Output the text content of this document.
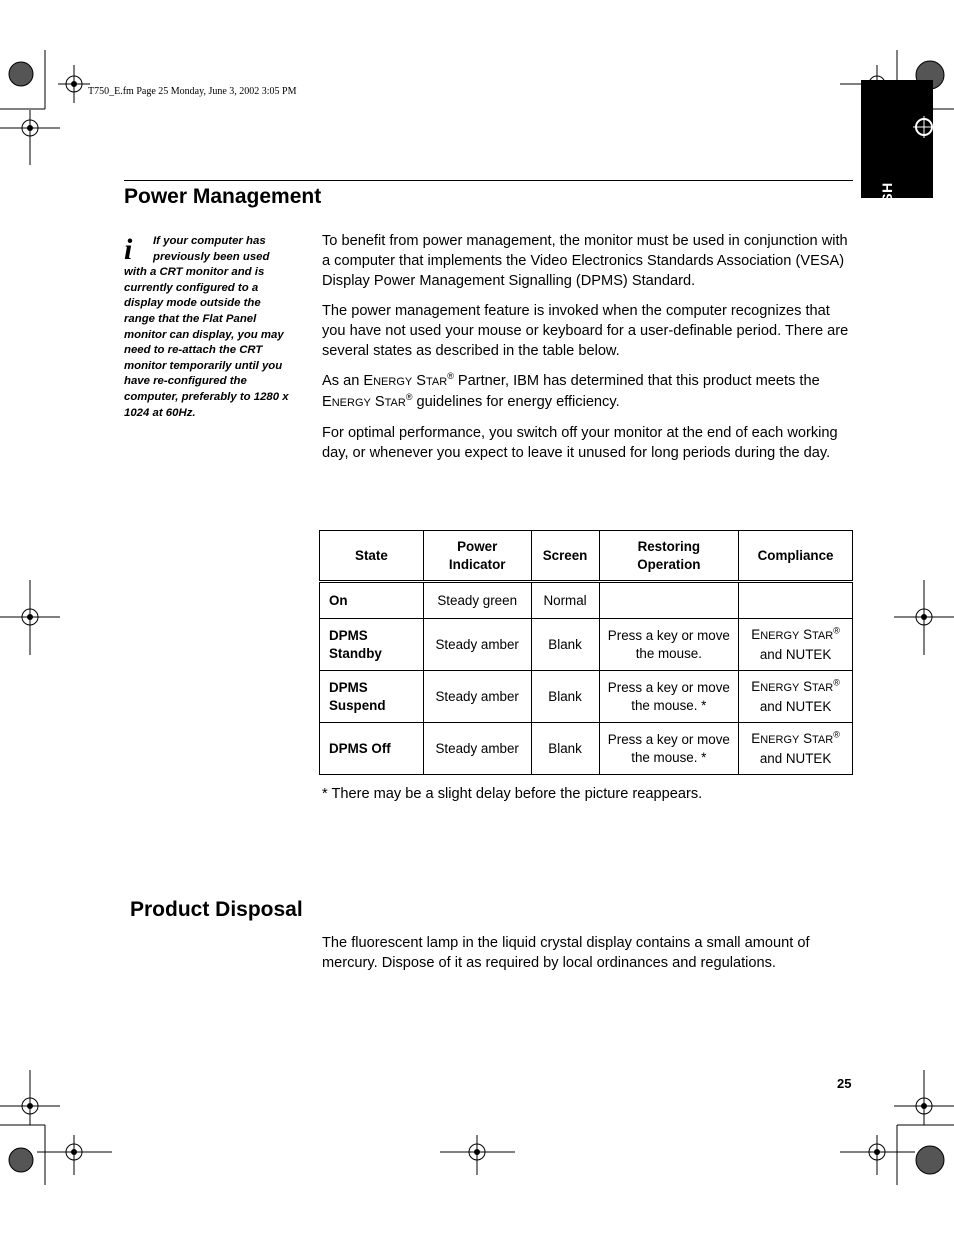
T750_E.fm Page 25 Monday, June 3, 2002 3:05 PM
ENGLISH
Power Management
i	If your computer has previously been used with a CRT monitor and is currently configured to a display mode outside the range that the Flat Panel monitor can display, you may need to re-attach the CRT monitor temporarily until you have re-configured the computer, preferably to 1280 x 1024 at 60Hz.

To benefit from power management, the monitor must be used in conjunction with a computer that implements the Video Electronics Standards Association (VESA) Display Power Management Signalling (DPMS) Standard.

The power management feature is invoked when the computer recognizes that you have not used your mouse or keyboard for a user-definable period. There are several states as described in the table below.

As an ENERGY STAR® Partner, IBM has determined that this product meets the ENERGY STAR® guidelines for energy efficiency.

For optimal performance, you switch off your monitor at the end of each working day, or whenever you expect to leave it unused for long periods during the day.

State	Power Indicator	Screen	Restoring Operation	Compliance
On	Steady green	Normal		
DPMS Standby	Steady amber	Blank	Press a key or move the mouse.	ENERGY STAR®
and NUTEK
DPMS Suspend	Steady amber	Blank	Press a key or move the mouse. *	ENERGY STAR®
and NUTEK
DPMS Off	Steady amber	Blank	Press a key or move the mouse. *	ENERGY STAR®
and NUTEK
* There may be a slight delay before the picture reappears.
Product Disposal

The fluorescent lamp in the liquid crystal display contains a small amount of mercury. Dispose of it as required by local ordinances and regulations.

25
